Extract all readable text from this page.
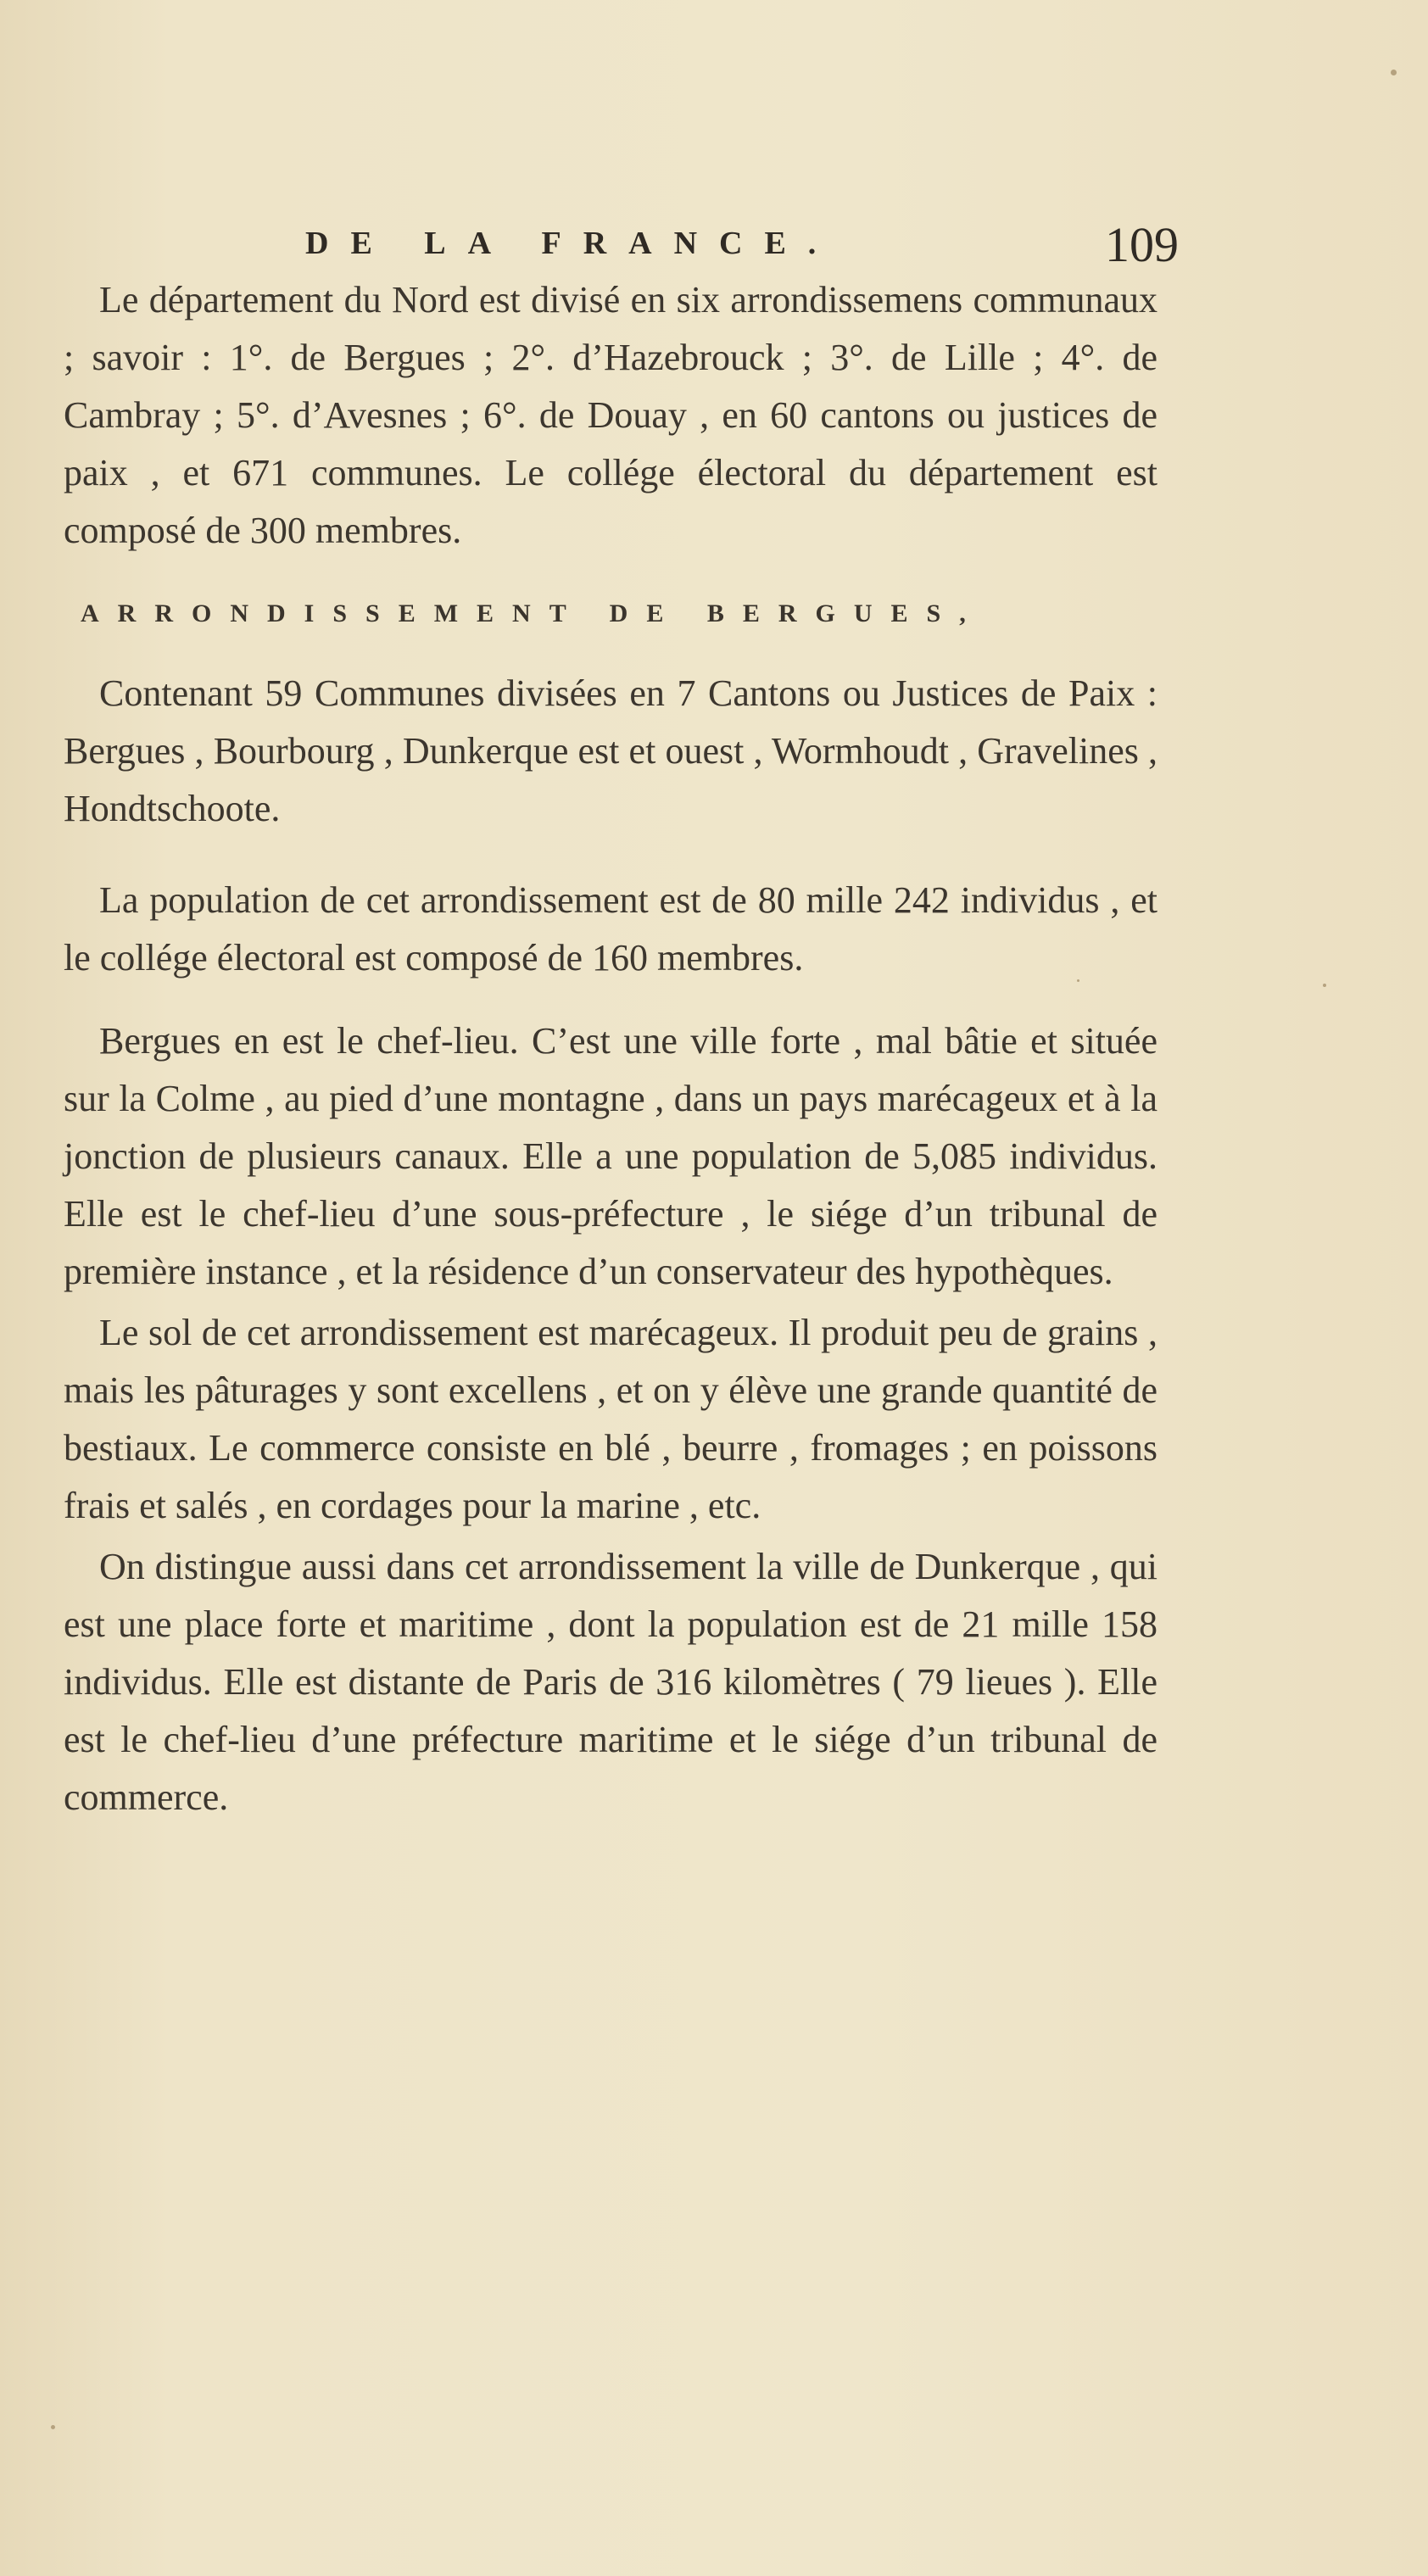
DE LA FRANCE.	109

Le département du Nord est divisé en six arrondissemens communaux ; savoir : 1°. de Bergues ; 2°. d’Hazebrouck ; 3°. de Lille ; 4°. de Cambray ; 5°. d’Avesnes ; 6°. de Douay , en 60 cantons ou justices de paix , et 671 communes. Le collége électoral du département est composé de 300 membres.

ARRONDISSEMENT DE BERGUES,

Contenant 59 Communes divisées en 7 Cantons ou Justices de Paix : Bergues , Bourbourg , Dunkerque est et ouest , Wormhoudt , Gravelines , Hondtschoote.

La population de cet arrondissement est de 80 mille 242 individus , et le collége électoral est composé de 160 membres.

Bergues en est le chef-lieu. C’est une ville forte , mal bâtie et située sur la Colme , au pied d’une montagne , dans un pays marécageux et à la jonction de plusieurs canaux. Elle a une population de 5,085 individus. Elle est le chef-lieu d’une sous-préfecture , le siége d’un tribunal de première instance , et la résidence d’un conservateur des hypothèques.

Le sol de cet arrondissement est marécageux. Il produit peu de grains , mais les pâturages y sont excellens , et on y élève une grande quantité de bestiaux. Le commerce consiste en blé , beurre , fromages ; en poissons frais et salés , en cordages pour la marine , etc.

On distingue aussi dans cet arrondissement la ville de Dunkerque , qui est une place forte et maritime , dont la population est de 21 mille 158 individus. Elle est distante de Paris de 316 kilomètres ( 79 lieues ). Elle est le chef-lieu d’une préfecture maritime et le siége d’un tribunal de commerce.
